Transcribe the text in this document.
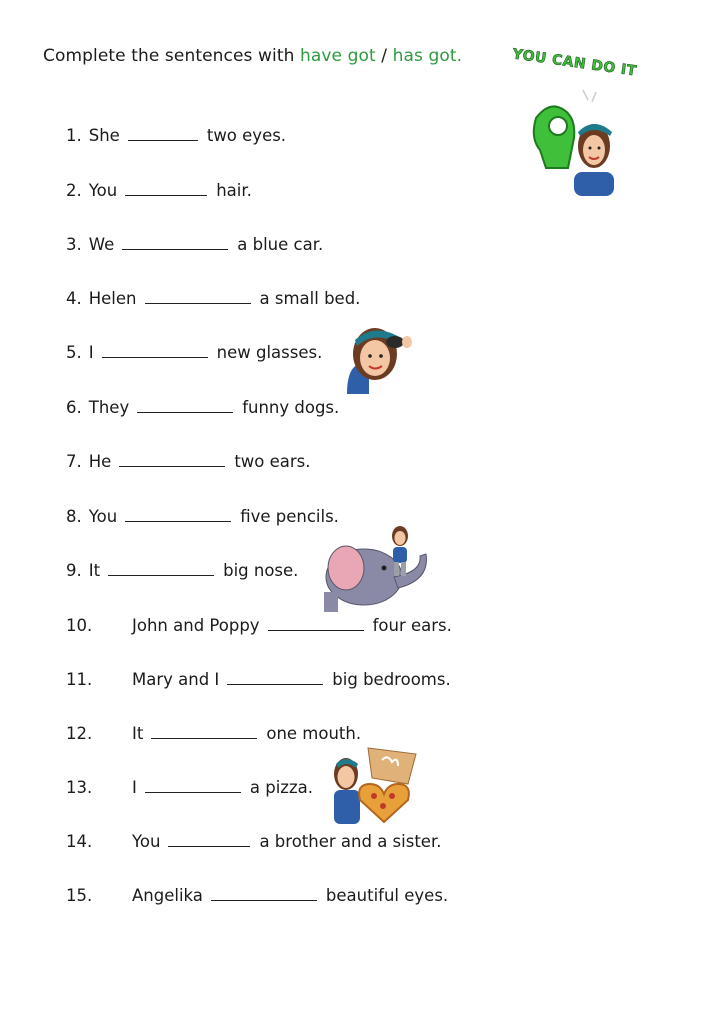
Complete the sentences with have got / has got.	YOU CAN DO IT
1. She	two eyes.
2. You	hair.
3. We	a blue car.
4. Helen	a small bed.
5. I	new glasses.
6. They	funny dogs.
7. He	two ears.
8. You	five pencils.
9. It	big nose.
10.	John and Poppy	four ears.
11.	Mary and I	big bedrooms.
12.	It	one mouth.
13.	I	a pizza.
14.	You	a brother and a sister.
15.	Angelika	beautiful eyes.
